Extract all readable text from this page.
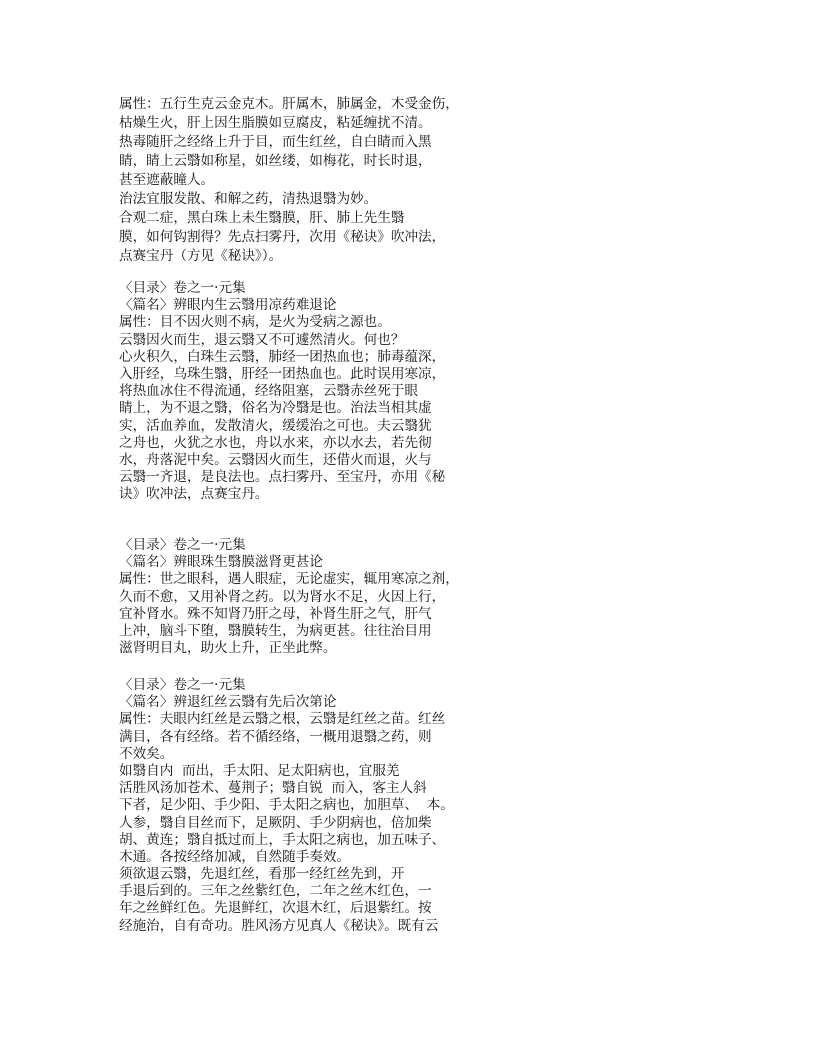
属性：五行生克云金克木。肝属木，肺属金，木受金伤，
枯燥生火，肝上因生脂膜如豆腐皮，粘延缠扰不清。
热毒随肝之经络上升于目，而生红丝，自白睛而入黑
睛，睛上云翳如称星，如丝缕，如梅花，时长时退，
甚至遮蔽瞳人。
治法宜服发散、和解之药，清热退翳为妙。
合观二症，黑白珠上未生翳膜，肝、肺上先生翳
膜，如何钩割得？先点扫雾丹，次用《秘诀》吹冲法，
点赛宝丹（方见《秘诀》）。
〈目录〉卷之一·元集
〈篇名〉辨眼内生云翳用凉药难退论
属性：目不因火则不病，是火为受病之源也。
云翳因火而生，退云翳又不可遽然清火。何也？
心火积久，白珠生云翳，肺经一团热血也；肺毒蕴深，
入肝经，乌珠生翳，肝经一团热血也。此时误用寒凉，
将热血冰住不得流通，经络阻塞，云翳赤丝死于眼
睛上，为不退之翳，俗名为冷翳是也。治法当相其虚
实，活血养血，发散清火，缓缓治之可也。夫云翳犹
之舟也，火犹之水也，舟以水来，亦以水去，若先彻
水，舟落泥中矣。云翳因火而生，还借火而退，火与
云翳一齐退，是良法也。点扫雾丹、至宝丹，亦用《秘
诀》吹冲法，点赛宝丹。
〈目录〉卷之一·元集
〈篇名〉辨眼珠生翳膜滋肾更甚论
属性：世之眼科，遇人眼症，无论虚实，辄用寒凉之剂，
久而不愈，又用补肾之药。以为肾水不足，火因上行，
宜补肾水。殊不知肾乃肝之母，补肾生肝之气，肝气
上冲，脑斗下堕，翳膜转生，为病更甚。往往治目用
滋肾明目丸，助火上升，正坐此弊。
〈目录〉卷之一·元集
〈篇名〉辨退红丝云翳有先后次第论
属性：夫眼内红丝是云翳之根，云翳是红丝之苗。红丝
满目，各有经络。若不循经络，一概用退翳之药，则
不效矣。
如翳自内  而出，手太阳、足太阳病也，宜服羌
活胜风汤加苍术、蔓荆子；翳自锐  而入，客主人斜
下者，足少阳、手少阳、手太阳之病也，加胆草、  本。
人参，翳自目丝而下，足厥阴、手少阴病也，倍加柴
胡、黄连；翳自抵过而上，手太阳之病也，加五味子、
木通。各按经络加减，自然随手奏效。
须欲退云翳，先退红丝，看那一经红丝先到，开
手退后到的。三年之丝紫红色，二年之丝木红色，一
年之丝鲜红色。先退鲜红，次退木红，后退紫红。按
经施治，自有奇功。胜风汤方见真人《秘诀》。既有云
